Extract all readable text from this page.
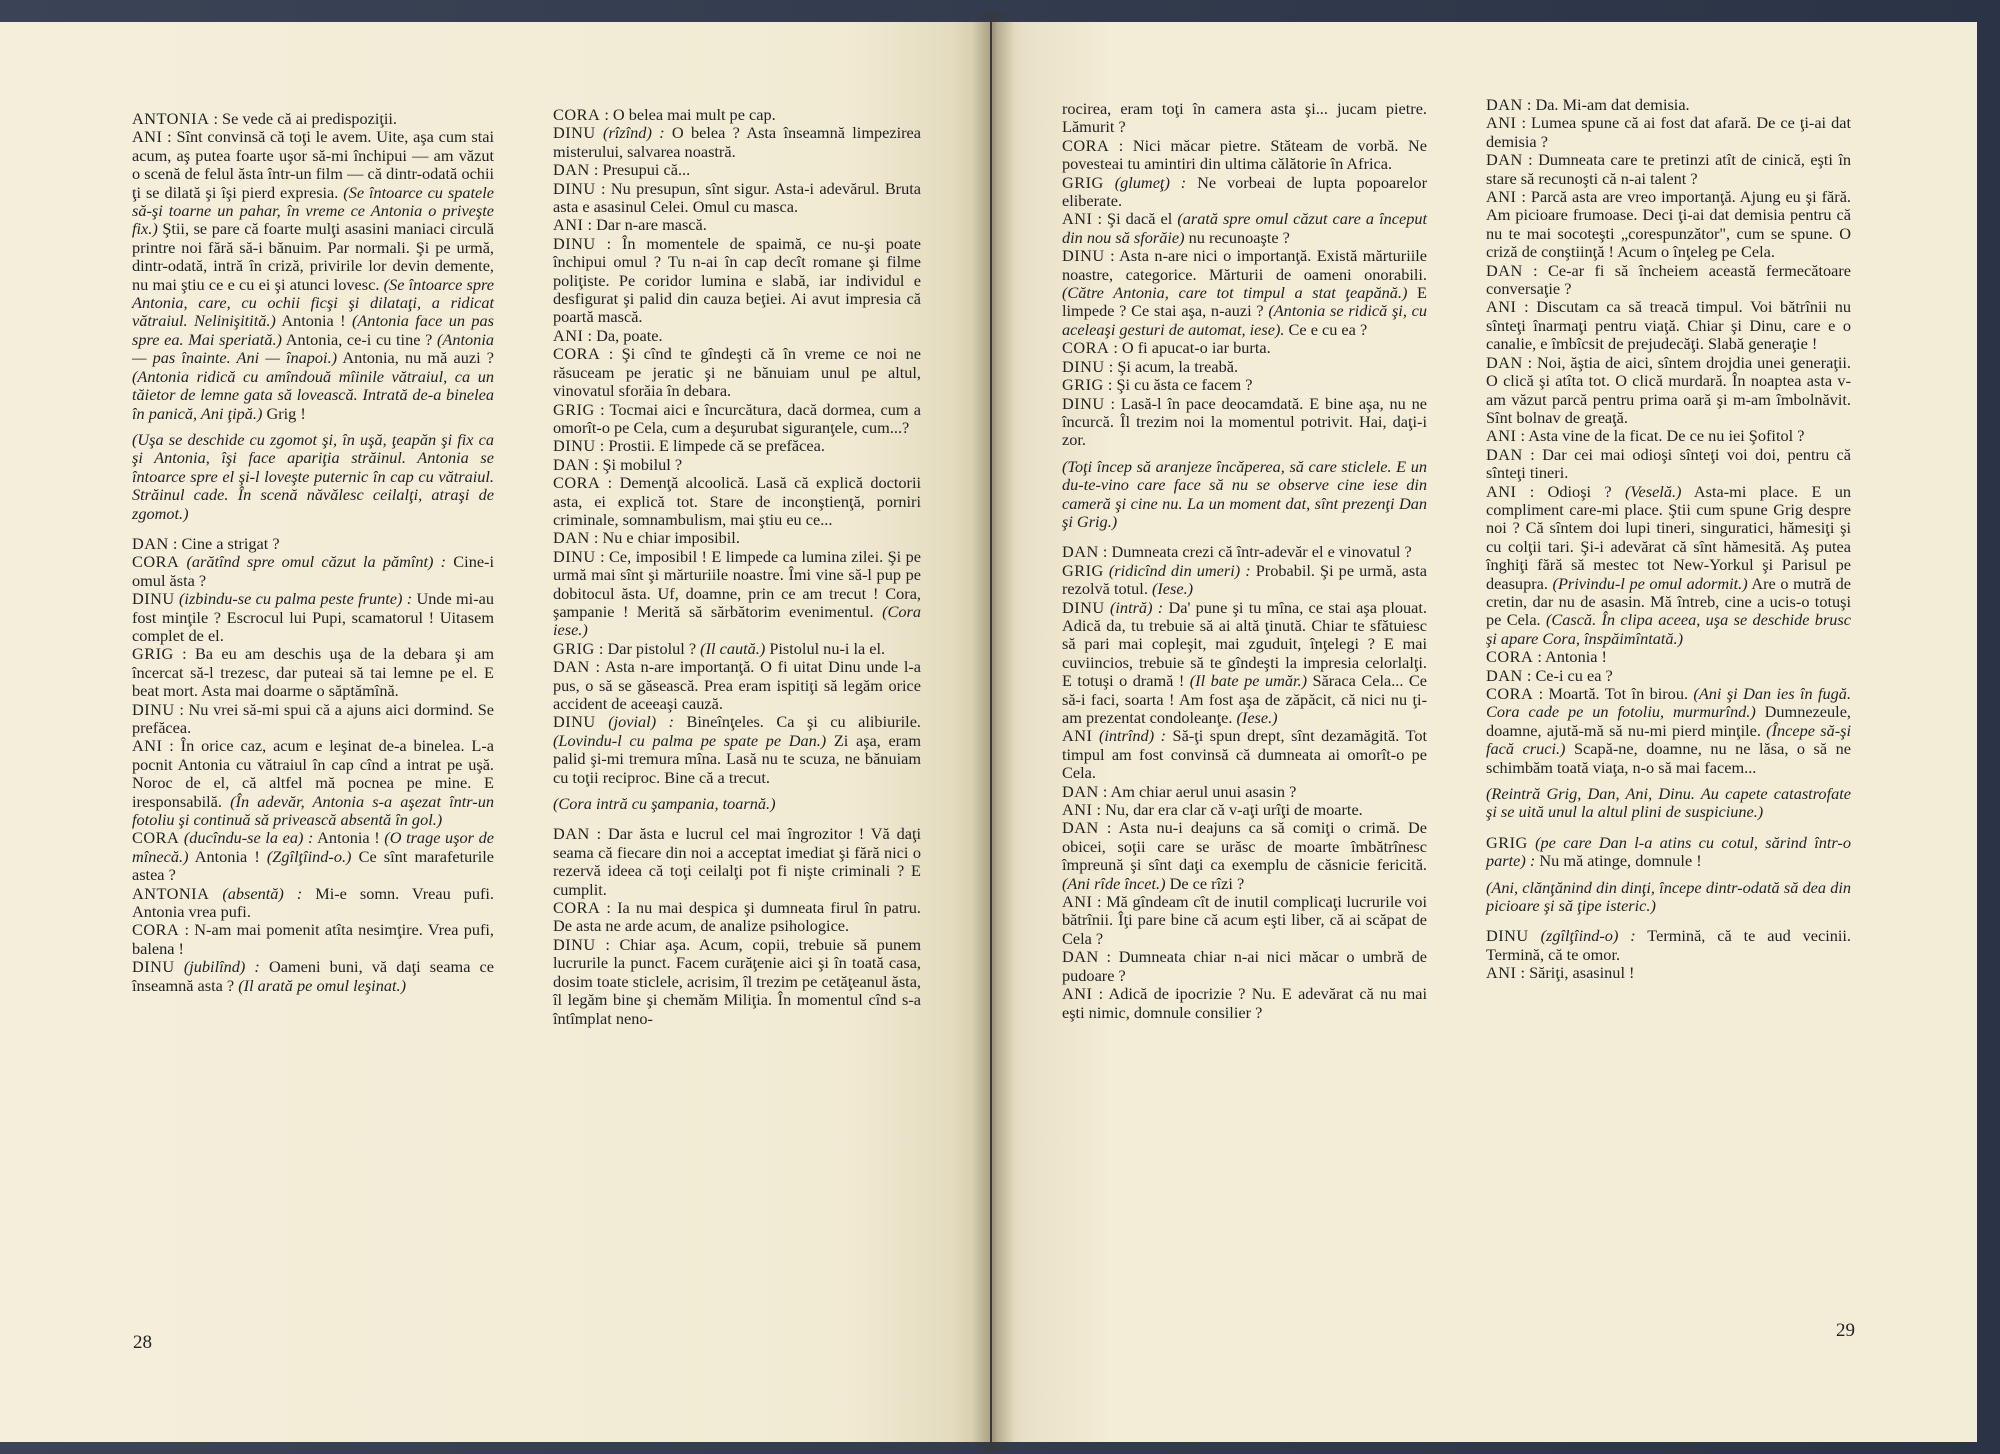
ANTONIA : Se vede că ai predispoziţii.

ANI : Sînt convinsă că toţi le avem. Uite, aşa cum stai acum, aş putea foarte uşor să-mi închipui — am văzut o scenă de felul ăsta într-un film — că dintr-odată ochii ţi se dilată şi îşi pierd expresia. (Se întoarce cu spatele să-şi toarne un pahar, în vreme ce Antonia o priveşte fix.) Ştii, se pare că foarte mulţi asasini maniaci circulă printre noi fără să-i bănuim. Par normali. Şi pe urmă, dintr-odată, intră în criză, privirile lor devin demente, nu mai ştiu ce e cu ei şi atunci lovesc. (Se întoarce spre Antonia, care, cu ochii ficşi şi dilataţi, a ridicat vătraiul. Nelinişitită.) Antonia ! (Antonia face un pas spre ea. Mai speriată.) Antonia, ce-i cu tine ? (Antonia — pas înainte. Ani — înapoi.) Antonia, nu mă auzi ? (Antonia ridică cu amîndouă mîinile vătraiul, ca un tăietor de lemne gata să lovească. Intrată de-a binelea în panică, Ani ţipă.) Grig !

(Uşa se deschide cu zgomot şi, în uşă, ţeapăn şi fix ca şi Antonia, îşi face apariţia străinul. Antonia se întoarce spre el şi-l loveşte puternic în cap cu vătraiul. Străinul cade. În scenă năvălesc ceilalţi, atraşi de zgomot.)

DAN : Cine a strigat ?

CORA (arătînd spre omul căzut la pămînt) : Cine-i omul ăsta ?

DINU (izbindu-se cu palma peste frunte) : Unde mi-au fost minţile ? Escrocul lui Pupi, scamatorul ! Uitasem complet de el.

GRIG : Ba eu am deschis uşa de la debara şi am încercat să-l trezesc, dar puteai să tai lemne pe el. E beat mort. Asta mai doarme o săptămînă.

DINU : Nu vrei să-mi spui că a ajuns aici dormind. Se prefăcea.

ANI : În orice caz, acum e leşinat de-a binelea. L-a pocnit Antonia cu vătraiul în cap cînd a intrat pe uşă. Noroc de el, că altfel mă pocnea pe mine. E iresponsabilă. (În adevăr, Antonia s-a aşezat într-un fotoliu şi continuă să privească absentă în gol.)

CORA (ducîndu-se la ea) : Antonia ! (O trage uşor de mînecă.) Antonia ! (Zgîlţîind-o.) Ce sînt marafeturile astea ?

ANTONIA (absentă) : Mi-e somn. Vreau pufi. Antonia vrea pufi.

CORA : N-am mai pomenit atîta nesimţire. Vrea pufi, balena !

DINU (jubilînd) : Oameni buni, vă daţi seama ce înseamnă asta ? (Il arată pe omul leşinat.)

CORA : O belea mai mult pe cap.

DINU (rîzînd) : O belea ? Asta înseamnă limpezirea misterului, salvarea noastră.

DAN : Presupui că...

DINU : Nu presupun, sînt sigur. Asta-i adevărul. Bruta asta e asasinul Celei. Omul cu masca.

ANI : Dar n-are mască.

DINU : În momentele de spaimă, ce nu-şi poate închipui omul ? Tu n-ai în cap decît romane şi filme poliţiste. Pe coridor lumina e slabă, iar individul e desfigurat şi palid din cauza beţiei. Ai avut impresia că poartă mască.

ANI : Da, poate.

CORA : Şi cînd te gîndeşti că în vreme ce noi ne răsuceam pe jeratic şi ne bănuiam unul pe altul, vinovatul sforăia în debara.

GRIG : Tocmai aici e încurcătura, dacă dormea, cum a omorît-o pe Cela, cum a deşurubat siguranţele, cum...?

DINU : Prostii. E limpede că se prefăcea.

DAN : Şi mobilul ?

CORA : Demenţă alcoolică. Lasă că explică doctorii asta, ei explică tot. Stare de inconştienţă, porniri criminale, somnambulism, mai ştiu eu ce...

DAN : Nu e chiar imposibil.

DINU : Ce, imposibil ! E limpede ca lumina zilei. Şi pe urmă mai sînt şi mărturiile noastre. Îmi vine să-l pup pe dobitocul ăsta. Uf, doamne, prin ce am trecut ! Cora, şampanie ! Merită să sărbătorim evenimentul. (Cora iese.)

GRIG : Dar pistolul ? (Il caută.) Pistolul nu-i la el.

DAN : Asta n-are importanţă. O fi uitat Dinu unde l-a pus, o să se găsească. Prea eram ispitiţi să legăm orice accident de aceeaşi cauză.

DINU (jovial) : Bineînţeles. Ca şi cu alibiurile. (Lovindu-l cu palma pe spate pe Dan.) Zi aşa, eram palid şi-mi tremura mîna. Lasă nu te scuza, ne bănuiam cu toţii reciproc. Bine că a trecut.

(Cora intră cu şampania, toarnă.)

DAN : Dar ăsta e lucrul cel mai îngrozitor ! Vă daţi seama că fiecare din noi a acceptat imediat şi fără nici o rezervă ideea că toţi ceilalţi pot fi nişte criminali ? E cumplit.

CORA : Ia nu mai despica şi dumneata firul în patru. De asta ne arde acum, de analize psihologice.

DINU : Chiar aşa. Acum, copii, trebuie să punem lucrurile la punct. Facem curăţenie aici şi în toată casa, dosim toate sticlele, acrisim, îl trezim pe cetăţeanul ăsta, îl legăm bine şi chemăm Miliţia. În momentul cînd s-a întîmplat neno-

28

rocirea, eram toţi în camera asta şi... jucam pietre. Lămurit ?

CORA : Nici măcar pietre. Stăteam de vorbă. Ne povesteai tu amintiri din ultima călătorie în Africa.

GRIG (glumeţ) : Ne vorbeai de lupta popoarelor eliberate.

ANI : Şi dacă el (arată spre omul căzut care a început din nou să sforăie) nu recunoaşte ?

DINU : Asta n-are nici o importanţă. Există mărturiile noastre, categorice. Mărturii de oameni onorabili. (Către Antonia, care tot timpul a stat ţeapănă.) E limpede ? Ce stai aşa, n-auzi ? (Antonia se ridică şi, cu aceleaşi gesturi de automat, iese). Ce e cu ea ?

CORA : O fi apucat-o iar burta.

DINU : Şi acum, la treabă.

GRIG : Şi cu ăsta ce facem ?

DINU : Lasă-l în pace deocamdată. E bine aşa, nu ne încurcă. Îl trezim noi la momentul potrivit. Hai, daţi-i zor.

(Toţi încep să aranjeze încăperea, să care sticlele. E un du-te-vino care face să nu se observe cine iese din cameră şi cine nu. La un moment dat, sînt prezenţi Dan şi Grig.)

DAN : Dumneata crezi că într-adevăr el e vinovatul ?

GRIG (ridicînd din umeri) : Probabil. Şi pe urmă, asta rezolvă totul. (Iese.)

DINU (intră) : Da' pune şi tu mîna, ce stai aşa plouat. Adică da, tu trebuie să ai altă ţinută. Chiar te sfătuiesc să pari mai copleşit, mai zguduit, înţelegi ? E mai cuviincios, trebuie să te gîndeşti la impresia celorlalţi. E totuşi o dramă ! (Il bate pe umăr.) Săraca Cela... Ce să-i faci, soarta ! Am fost aşa de zăpăcit, că nici nu ţi-am prezentat condoleanţe. (Iese.)

ANI (intrînd) : Să-ţi spun drept, sînt dezamăgită. Tot timpul am fost convinsă că dumneata ai omorît-o pe Cela.

DAN : Am chiar aerul unui asasin ?

ANI : Nu, dar era clar că v-aţi urîţi de moarte.

DAN : Asta nu-i deajuns ca să comiţi o crimă. De obicei, soţii care se urăsc de moarte îmbătrînesc împreună şi sînt daţi ca exemplu de căsnicie fericită. (Ani rîde încet.) De ce rîzi ?

ANI : Mă gîndeam cît de inutil complicaţi lucrurile voi bătrînii. Îţi pare bine că acum eşti liber, că ai scăpat de Cela ?

DAN : Dumneata chiar n-ai nici măcar o umbră de pudoare ?

ANI : Adică de ipocrizie ? Nu. E adevărat că nu mai eşti nimic, domnule consilier ?

DAN : Da. Mi-am dat demisia.

ANI : Lumea spune că ai fost dat afară. De ce ţi-ai dat demisia ?

DAN : Dumneata care te pretinzi atît de cinică, eşti în stare să recunoşti că n-ai talent ?

ANI : Parcă asta are vreo importanţă. Ajung eu şi fără. Am picioare frumoase. Deci ţi-ai dat demisia pentru că nu te mai socoteşti „corespunzător", cum se spune. O criză de conştiinţă ! Acum o înţeleg pe Cela.

DAN : Ce-ar fi să încheiem această fermecătoare conversaţie ?

ANI : Discutam ca să treacă timpul. Voi bătrînii nu sînteţi înarmaţi pentru viaţă. Chiar şi Dinu, care e o canalie, e îmbîcsit de prejudecăţi. Slabă generaţie !

DAN : Noi, ăştia de aici, sîntem drojdia unei generaţii. O clică şi atîta tot. O clică murdară. În noaptea asta v-am văzut parcă pentru prima oară şi m-am îmbolnăvit. Sînt bolnav de greaţă.

ANI : Asta vine de la ficat. De ce nu iei Şofitol ?

DAN : Dar cei mai odioşi sînteţi voi doi, pentru că sînteţi tineri.

ANI : Odioşi ? (Veselă.) Asta-mi place. E un compliment care-mi place. Ştii cum spune Grig despre noi ? Că sîntem doi lupi tineri, singuratici, hămesiţi şi cu colţii tari. Şi-i adevărat că sînt hămesită. Aş putea înghiţi fără să mestec tot New-Yorkul şi Parisul pe deasupra. (Privindu-l pe omul adormit.) Are o mutră de cretin, dar nu de asasin. Mă întreb, cine a ucis-o totuşi pe Cela. (Cască. În clipa aceea, uşa se deschide brusc şi apare Cora, înspăimîntată.)

CORA : Antonia !

DAN : Ce-i cu ea ?

CORA : Moartă. Tot în birou. (Ani şi Dan ies în fugă. Cora cade pe un fotoliu, murmurînd.) Dumnezeule, doamne, ajută-mă să nu-mi pierd minţile. (Începe să-şi facă cruci.) Scapă-ne, doamne, nu ne lăsa, o să ne schimbăm toată viaţa, n-o să mai facem...

(Reintră Grig, Dan, Ani, Dinu. Au capete catastrofate şi se uită unul la altul plini de suspiciune.)

GRIG (pe care Dan l-a atins cu cotul, sărind într-o parte) : Nu mă atinge, domnule !

(Ani, clănţănind din dinţi, începe dintr-odată să dea din picioare şi să ţipe isteric.)

DINU (zgîlţîind-o) : Termină, că te aud vecinii. Termină, că te omor.

ANI : Săriţi, asasinul !

29
